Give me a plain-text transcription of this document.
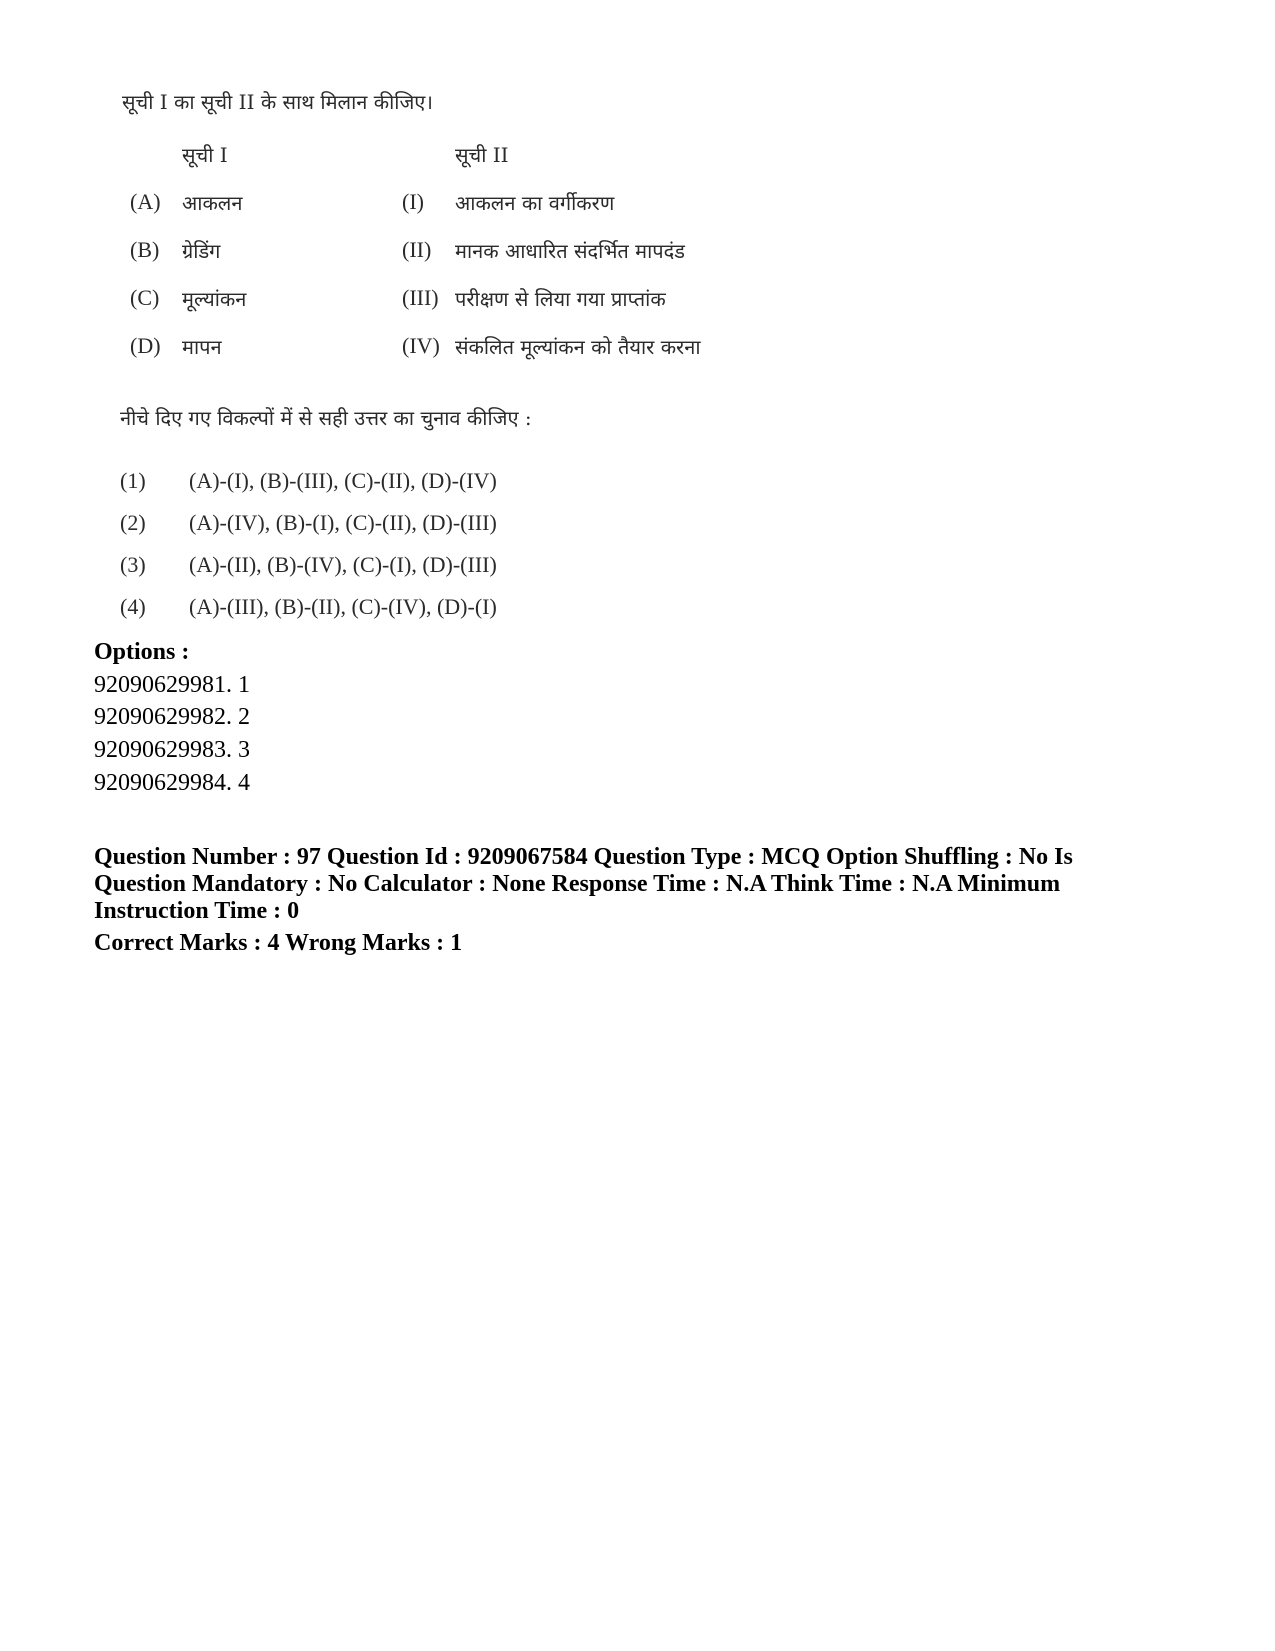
सूची I का सूची II के साथ मिलान कीजिए।
सूची I	सूची II
(A) आकलन
(B) ग्रेडिंग
(C) मूल्यांकन
(D) मापन
(I) आकलन का वर्गीकरण
(II) मानक आधारित संदर्भित मापदंड
(III) परीक्षण से लिया गया प्राप्तांक
(IV) संकलित मूल्यांकन को तैयार करना
नीचे दिए गए विकल्पों में से सही उत्तर का चुनाव कीजिए :
(1) (A)-(I), (B)-(III), (C)-(II), (D)-(IV)
(2) (A)-(IV), (B)-(I), (C)-(II), (D)-(III)
(3) (A)-(II), (B)-(IV), (C)-(I), (D)-(III)
(4) (A)-(III), (B)-(II), (C)-(IV), (D)-(I)
Options :
92090629981. 1
92090629982. 2
92090629983. 3
92090629984. 4
Question Number : 97 Question Id : 9209067584 Question Type : MCQ Option Shuffling : No Is Question Mandatory : No Calculator : None Response Time : N.A Think Time : N.A Minimum Instruction Time : 0
Correct Marks : 4 Wrong Marks : 1
